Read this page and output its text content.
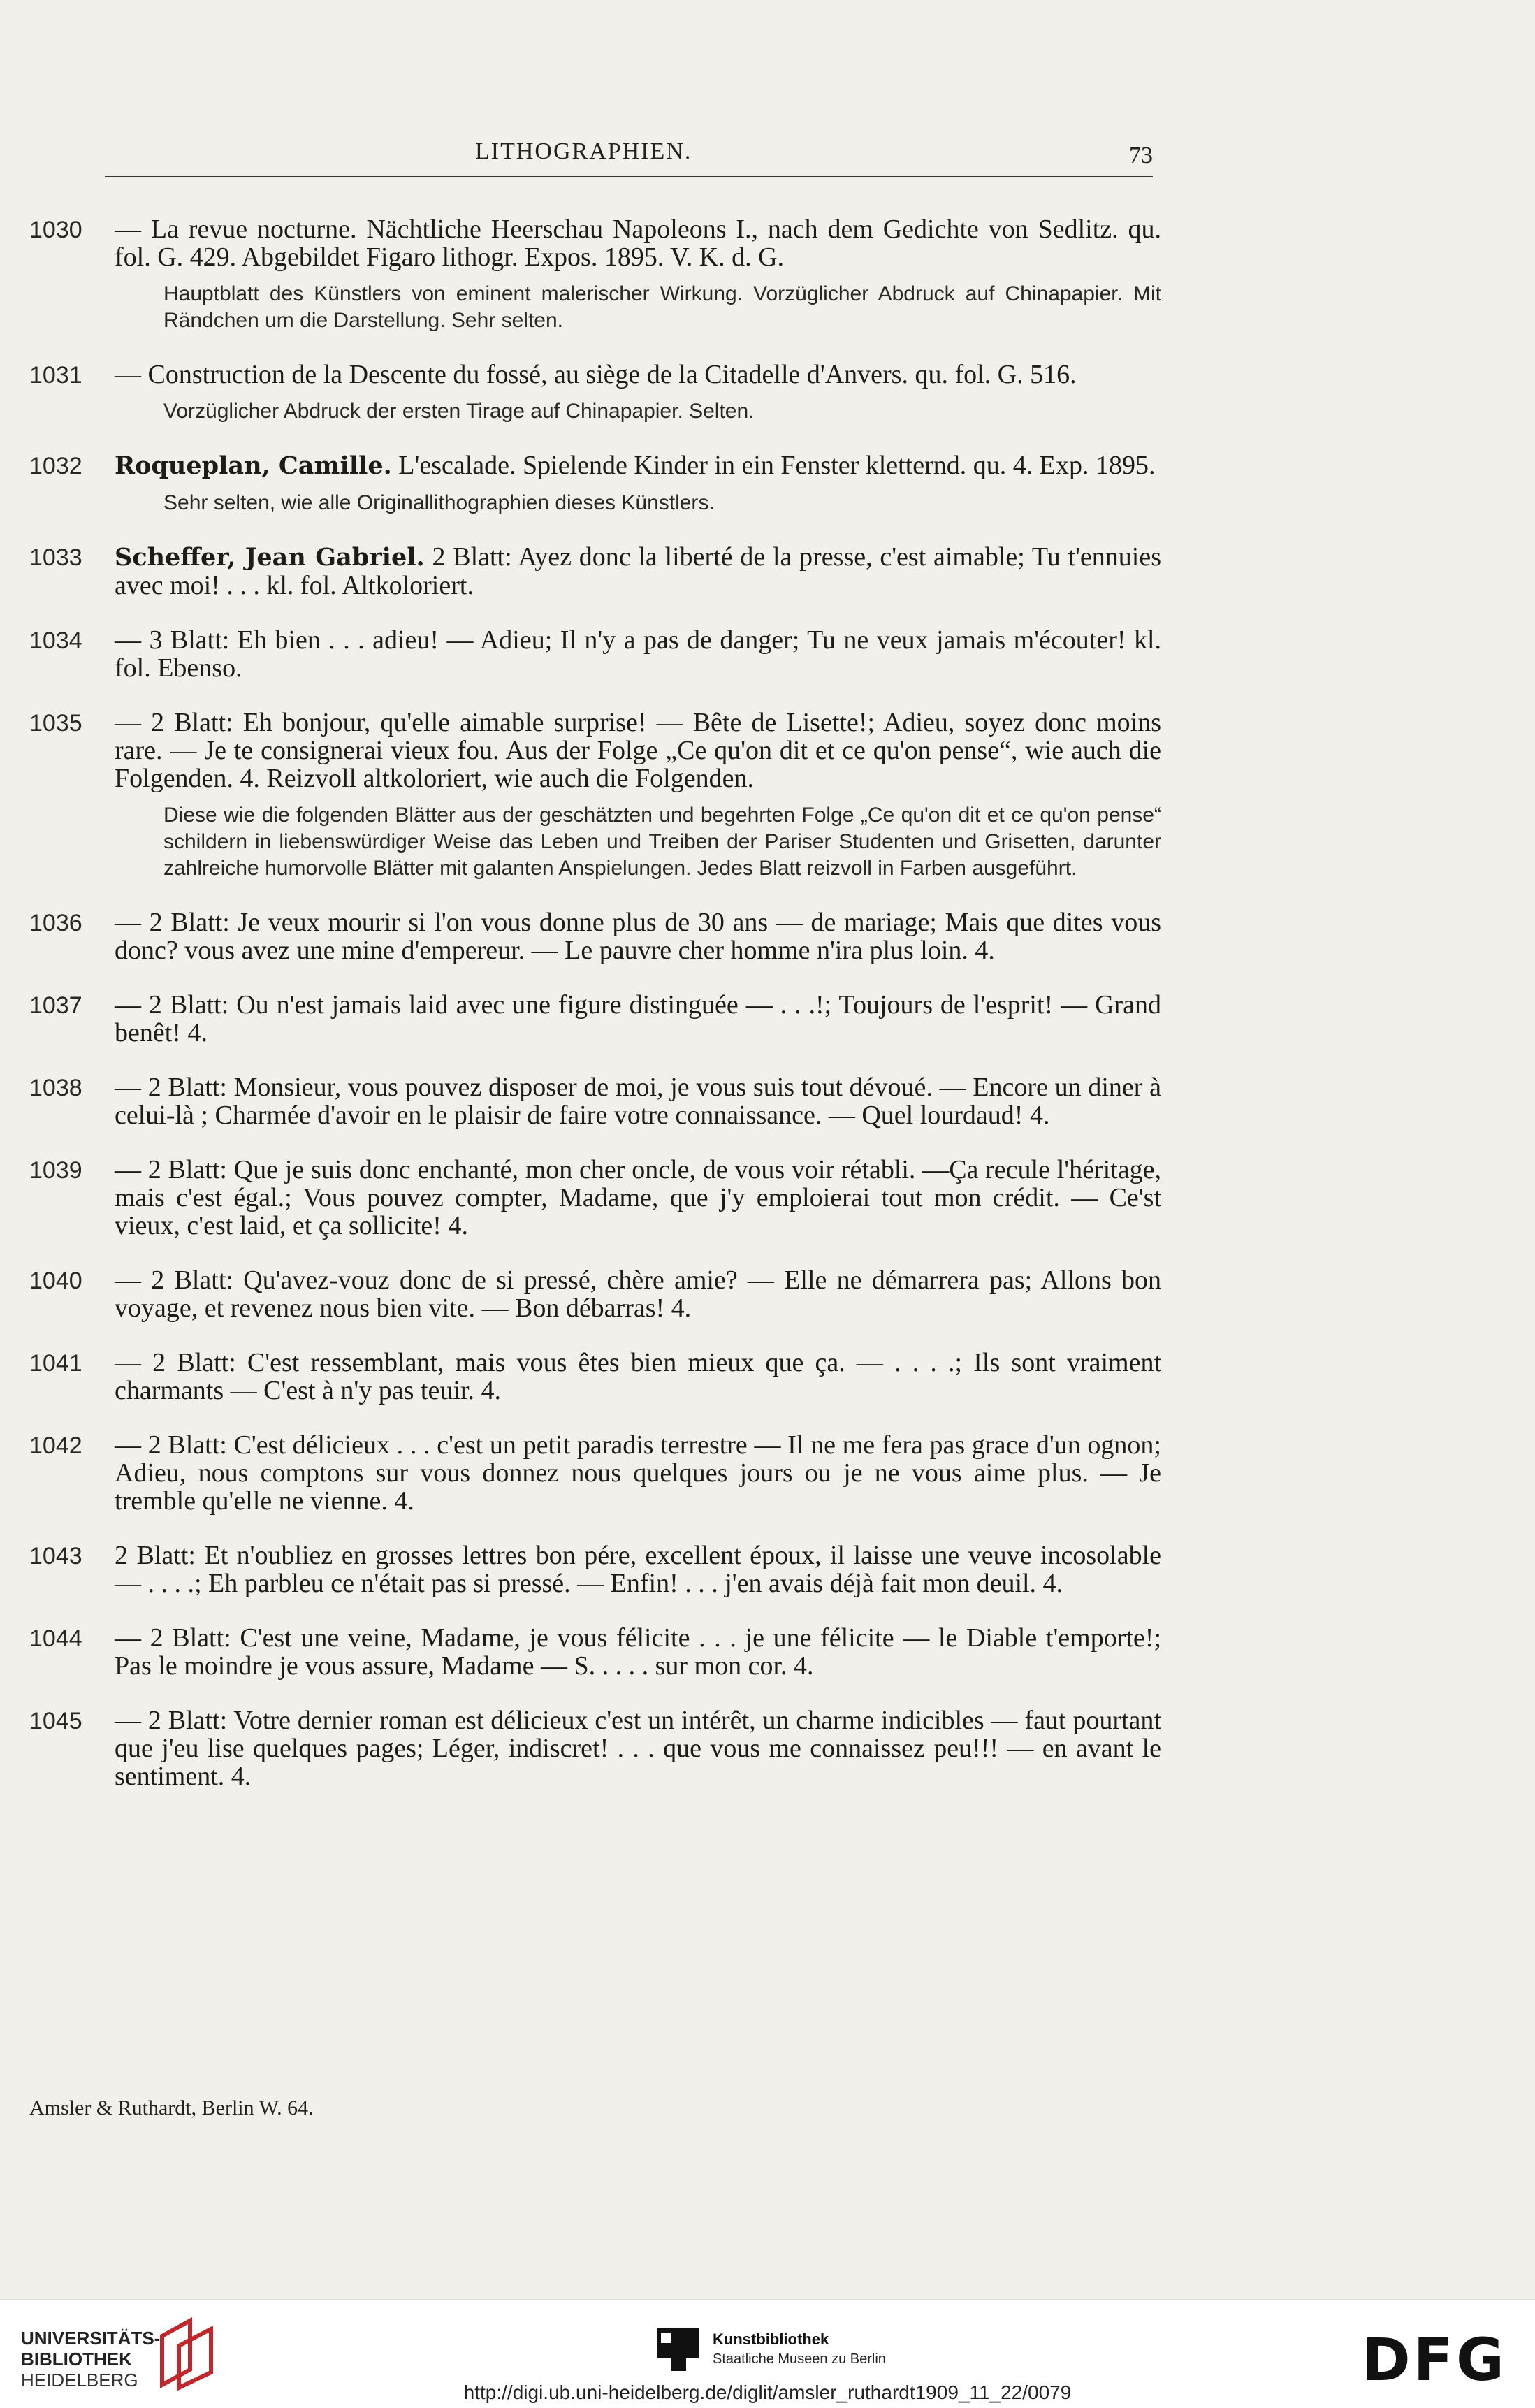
LITHOGRAPHIEN.	73
1030	— La revue nocturne. Nächtliche Heerschau Napoleons I., nach dem Gedichte von Sedlitz. qu. fol. G. 429. Abgebildet Figaro lithogr. Expos. 1895. V. K. d. G.
Hauptblatt des Künstlers von eminent malerischer Wirkung. Vorzüglicher Abdruck auf Chinapapier. Mit Rändchen um die Darstellung. Sehr selten.
1031	— Construction de la Descente du fossé, au siège de la Citadelle d'Anvers. qu. fol. G. 516.
Vorzüglicher Abdruck der ersten Tirage auf Chinapapier. Selten.
1032	Roqueplan, Camille. L'escalade. Spielende Kinder in ein Fenster kletternd. qu. 4. Exp. 1895.
Sehr selten, wie alle Originallithographien dieses Künstlers.
1033	Scheffer, Jean Gabriel. 2 Blatt: Ayez donc la liberté de la presse, c'est aimable; Tu t'ennuies avec moi! . . . kl. fol. Altkoloriert.
1034	— 3 Blatt: Eh bien . . . adieu! — Adieu; Il n'y a pas de danger; Tu ne veux jamais m'écouter! kl. fol. Ebenso.
1035	— 2 Blatt: Eh bonjour, qu'elle aimable surprise! — Bête de Lisette!; Adieu, soyez donc moins rare. — Je te consignerai vieux fou. Aus der Folge „Ce qu'on dit et ce qu'on pense“, wie auch die Folgenden. 4. Reizvoll altkoloriert, wie auch die Folgenden.
Diese wie die folgenden Blätter aus der geschätzten und begehrten Folge „Ce qu'on dit et ce qu'on pense“ schildern in liebenswürdiger Weise das Leben und Treiben der Pariser Studenten und Grisetten, darunter zahlreiche humorvolle Blätter mit galanten Anspielungen. Jedes Blatt reizvoll in Farben ausgeführt.
1036	— 2 Blatt: Je veux mourir si l'on vous donne plus de 30 ans — de mariage; Mais que dites vous donc? vous avez une mine d'empereur. — Le pauvre cher homme n'ira plus loin. 4.
1037	— 2 Blatt: Ou n'est jamais laid avec une figure distinguée — . . .!; Toujours de l'esprit! — Grand benêt! 4.
1038	— 2 Blatt: Monsieur, vous pouvez disposer de moi, je vous suis tout dévoué. — Encore un diner à celui-là ; Charmée d'avoir en le plaisir de faire votre connaissance. — Quel lourdaud! 4.
1039	— 2 Blatt: Que je suis donc enchanté, mon cher oncle, de vous voir rétabli. —Ça recule l'héritage, mais c'est égal.; Vous pouvez compter, Madame, que j'y emploierai tout mon crédit. — Ce'st vieux, c'est laid, et ça sollicite! 4.
1040	— 2 Blatt: Qu'avez-vouz donc de si pressé, chère amie? — Elle ne démarrera pas; Allons bon voyage, et revenez nous bien vite. — Bon débarras! 4.
1041	— 2 Blatt: C'est ressemblant, mais vous êtes bien mieux que ça. — . . . .; Ils sont vraiment charmants — C'est à n'y pas teuir. 4.
1042	— 2 Blatt: C'est délicieux . . . c'est un petit paradis terrestre — Il ne me fera pas grace d'un ognon; Adieu, nous comptons sur vous donnez nous quelques jours ou je ne vous aime plus. — Je tremble qu'elle ne vienne. 4.
1043	2 Blatt: Et n'oubliez en grosses lettres bon pére, excellent époux, il laisse une veuve incosolable — . . . .; Eh parbleu ce n'était pas si pressé. — Enfin! . . . j'en avais déjà fait mon deuil. 4.
1044	— 2 Blatt: C'est une veine, Madame, je vous félicite . . . je une félicite — le Diable t'emporte!; Pas le moindre je vous assure, Madame — S. . . . . sur mon cor. 4.
1045	— 2 Blatt: Votre dernier roman est délicieux c'est un intérêt, un charme indicibles — faut pourtant que j'eu lise quelques pages; Léger, indiscret! . . . que vous me connaissez peu!!! — en avant le sentiment. 4.
Amsler & Ruthardt, Berlin W. 64.
UNIVERSITÄTS-
BIBLIOTHEK
HEIDELBERG
Kunstbibliothek
Staatliche Museen zu Berlin	DFG
http://digi.ub.uni-heidelberg.de/diglit/amsler_ruthardt1909_11_22/0079
